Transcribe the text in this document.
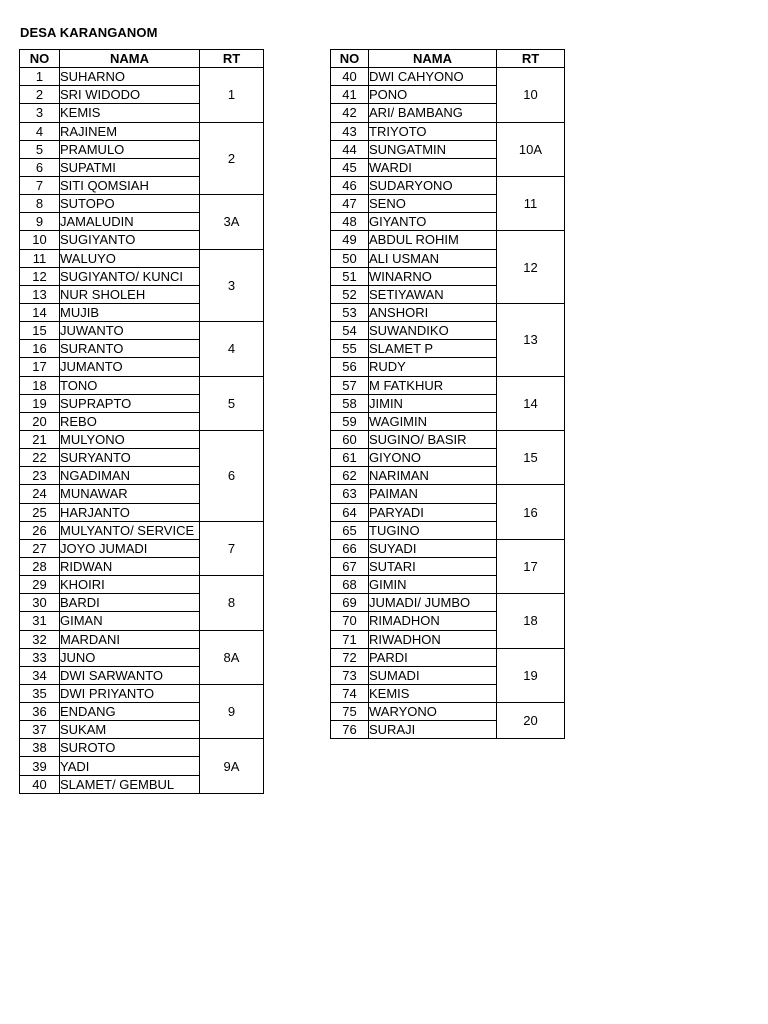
DESA KARANGANOM
NO	NAMA	RT
1	SUHARNO	1
2	SRI WIDODO	
3	KEMIS	
4	RAJINEM	2
5	PRAMULO	
6	SUPATMI	
7	SITI QOMSIAH	
8	SUTOPO	3A
9	JAMALUDIN	
10	SUGIYANTO	
11	WALUYO	3
12	SUGIYANTO/ KUNCI	
13	NUR SHOLEH	
14	MUJIB	
15	JUWANTO	4
16	SURANTO	
17	JUMANTO	
18	TONO	5
19	SUPRAPTO	
20	REBO	
21	MULYONO	6
22	SURYANTO	
23	NGADIMAN	
24	MUNAWAR	
25	HARJANTO	
26	MULYANTO/ SERVICE	7
27	JOYO JUMADI	
28	RIDWAN	
29	KHOIRI	8
30	BARDI	
31	GIMAN	
32	MARDANI	8A
33	JUNO	
34	DWI SARWANTO	
35	DWI PRIYANTO	9
36	ENDANG	
37	SUKAM	
38	SUROTO	9A
39	YADI	
40	SLAMET/ GEMBUL	
NO	NAMA	RT
40	DWI CAHYONO	10
41	PONO	
42	ARI/ BAMBANG	
43	TRIYOTO	10A
44	SUNGATMIN	
45	WARDI	
46	SUDARYONO	11
47	SENO	
48	GIYANTO	
49	ABDUL ROHIM	12
50	ALI USMAN	
51	WINARNO	
52	SETIYAWAN	
53	ANSHORI	13
54	SUWANDIKO	
55	SLAMET P	
56	RUDY	
57	M FATKHUR	14
58	JIMIN	
59	WAGIMIN	
60	SUGINO/ BASIR	15
61	GIYONO	
62	NARIMAN	
63	PAIMAN	16
64	PARYADI	
65	TUGINO	
66	SUYADI	17
67	SUTARI	
68	GIMIN	
69	JUMADI/ JUMBO	18
70	RIMADHON	
71	RIWADHON	
72	PARDI	19
73	SUMADI	
74	KEMIS	
75	WARYONO	20
76	SURAJI	
